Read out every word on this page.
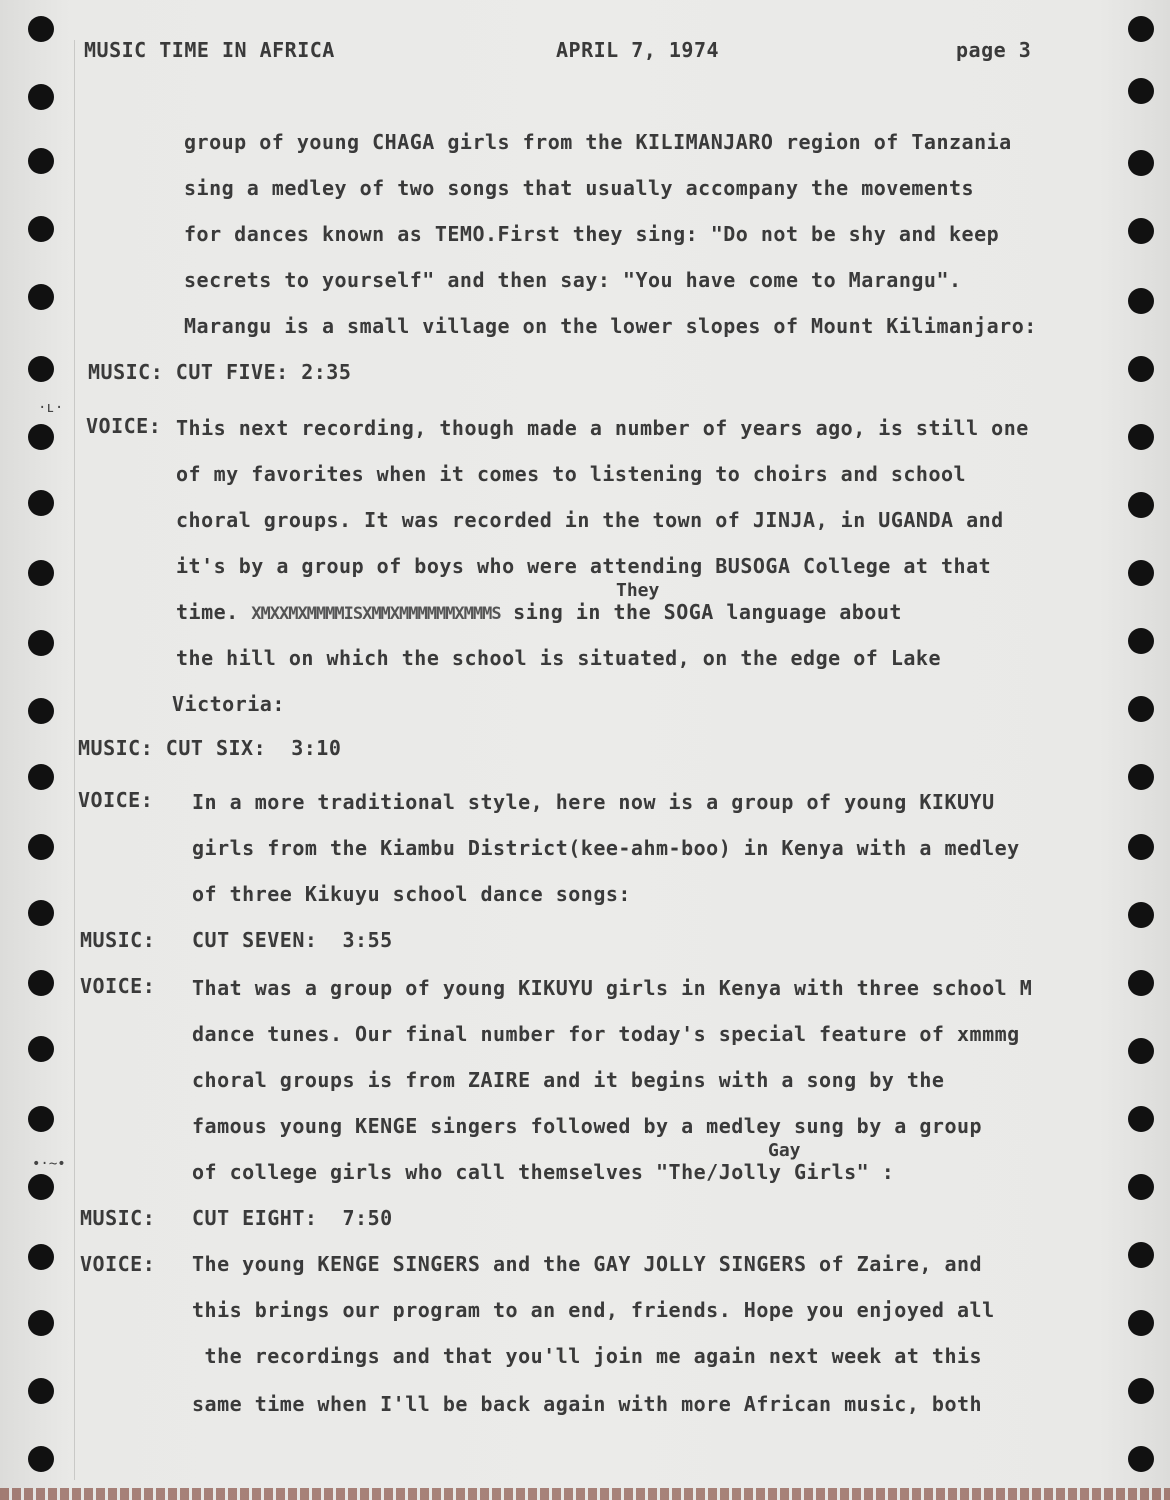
MUSIC TIME IN AFRICA	APRIL 7, 1974	page 3
group of young CHAGA girls from the KILIMANJARO region of Tanzania
sing a medley of two songs that usually accompany the movements
for dances known as TEMO.First they sing: "Do not be shy and keep
secrets to yourself" and then say: "You have come to Marangu".
Marangu is a small village on the lower slopes of Mount Kilimanjaro:
MUSIC: CUT FIVE: 2:35
·ʟ·
VOICE: This next recording, though made a number of years ago, is still one
of my favorites when it comes to listening to choirs and school
choral groups. It was recorded in the town of JINJA, in UGANDA and
it's by a group of boys who were attending BUSOGA College at that
They
time. XMXXMXMMMMISXMMXMMMMMMXMMMS sing in the SOGA language about
the hill on which the school is situated, on the edge of Lake
Victoria:
MUSIC: CUT SIX:  3:10
VOICE: In a more traditional style, here now is a group of young KIKUYU
girls from the Kiambu District(kee-ahm-boo) in Kenya with a medley
of three Kikuyu school dance songs:
MUSIC: CUT SEVEN:  3:55
VOICE: That was a group of young KIKUYU girls in Kenya with three school M
dance tunes. Our final number for today's special feature of xmmmg
choral groups is from ZAIRE and it begins with a song by the
famous young KENGE singers followed by a medley sung by a group
Gay
•·~•	of college girls who call themselves "The/Jolly Girls" :
MUSIC: CUT EIGHT:  7:50
VOICE: The young KENGE SINGERS and the GAY JOLLY SINGERS of Zaire, and
this brings our program to an end, friends. Hope you enjoyed all
the recordings and that you'll join me again next week at this
same time when I'll be back again with more African music, both
